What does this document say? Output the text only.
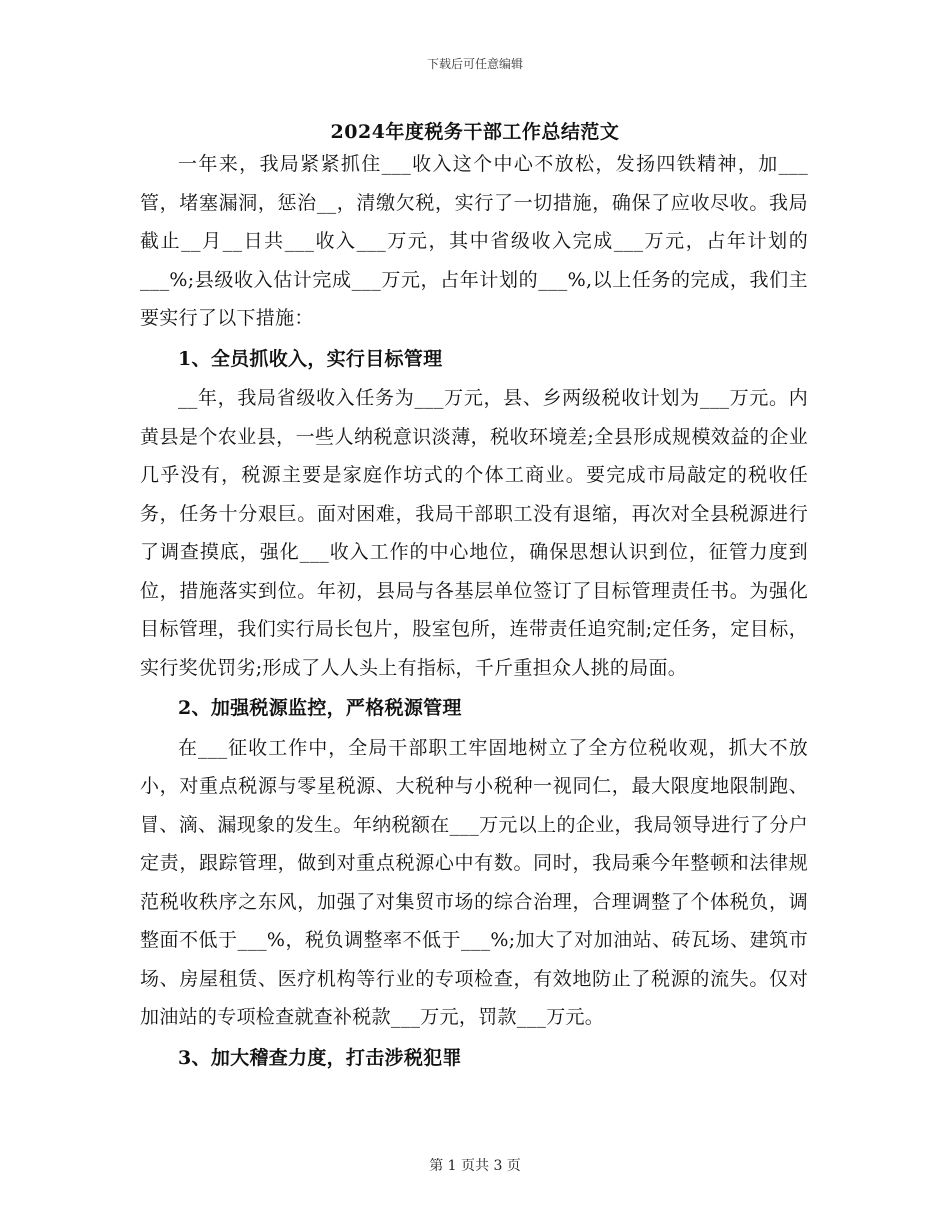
下载后可任意编辑
2024年度税务干部工作总结范文

一年来，我局紧紧抓住___收入这个中心不放松，发扬四铁精神，加___管，堵塞漏洞，惩治__，清缴欠税，实行了一切措施，确保了应收尽收。我局截止__月__日共___收入___万元，其中省级收入完成___万元，占年计划的___%;县级收入估计完成___万元，占年计划的___%,以上任务的完成，我们主要实行了以下措施：

1、全员抓收入，实行目标管理

__年，我局省级收入任务为___万元，县、乡两级税收计划为___万元。内黄县是个农业县，一些人纳税意识淡薄，税收环境差;全县形成规模效益的企业几乎没有，税源主要是家庭作坊式的个体工商业。要完成市局敲定的税收任务，任务十分艰巨。面对困难，我局干部职工没有退缩，再次对全县税源进行了调查摸底，强化___收入工作的中心地位，确保思想认识到位，征管力度到位，措施落实到位。年初，县局与各基层单位签订了目标管理责任书。为强化目标管理，我们实行局长包片，股室包所，连带责任追究制;定任务，定目标，实行奖优罚劣;形成了人人头上有指标，千斤重担众人挑的局面。

2、加强税源监控，严格税源管理

在___征收工作中，全局干部职工牢固地树立了全方位税收观，抓大不放小，对重点税源与零星税源、大税种与小税种一视同仁，最大限度地限制跑、冒、滴、漏现象的发生。年纳税额在___万元以上的企业，我局领导进行了分户定责，跟踪管理，做到对重点税源心中有数。同时，我局乘今年整顿和法律规范税收秩序之东风，加强了对集贸市场的综合治理，合理调整了个体税负，调整面不低于___%，税负调整率不低于___%;加大了对加油站、砖瓦场、建筑市场、房屋租赁、医疗机构等行业的专项检查，有效地防止了税源的流失。仅对加油站的专项检查就查补税款___万元，罚款___万元。

3、加大稽查力度，打击涉税犯罪
第 1 页共 3 页
